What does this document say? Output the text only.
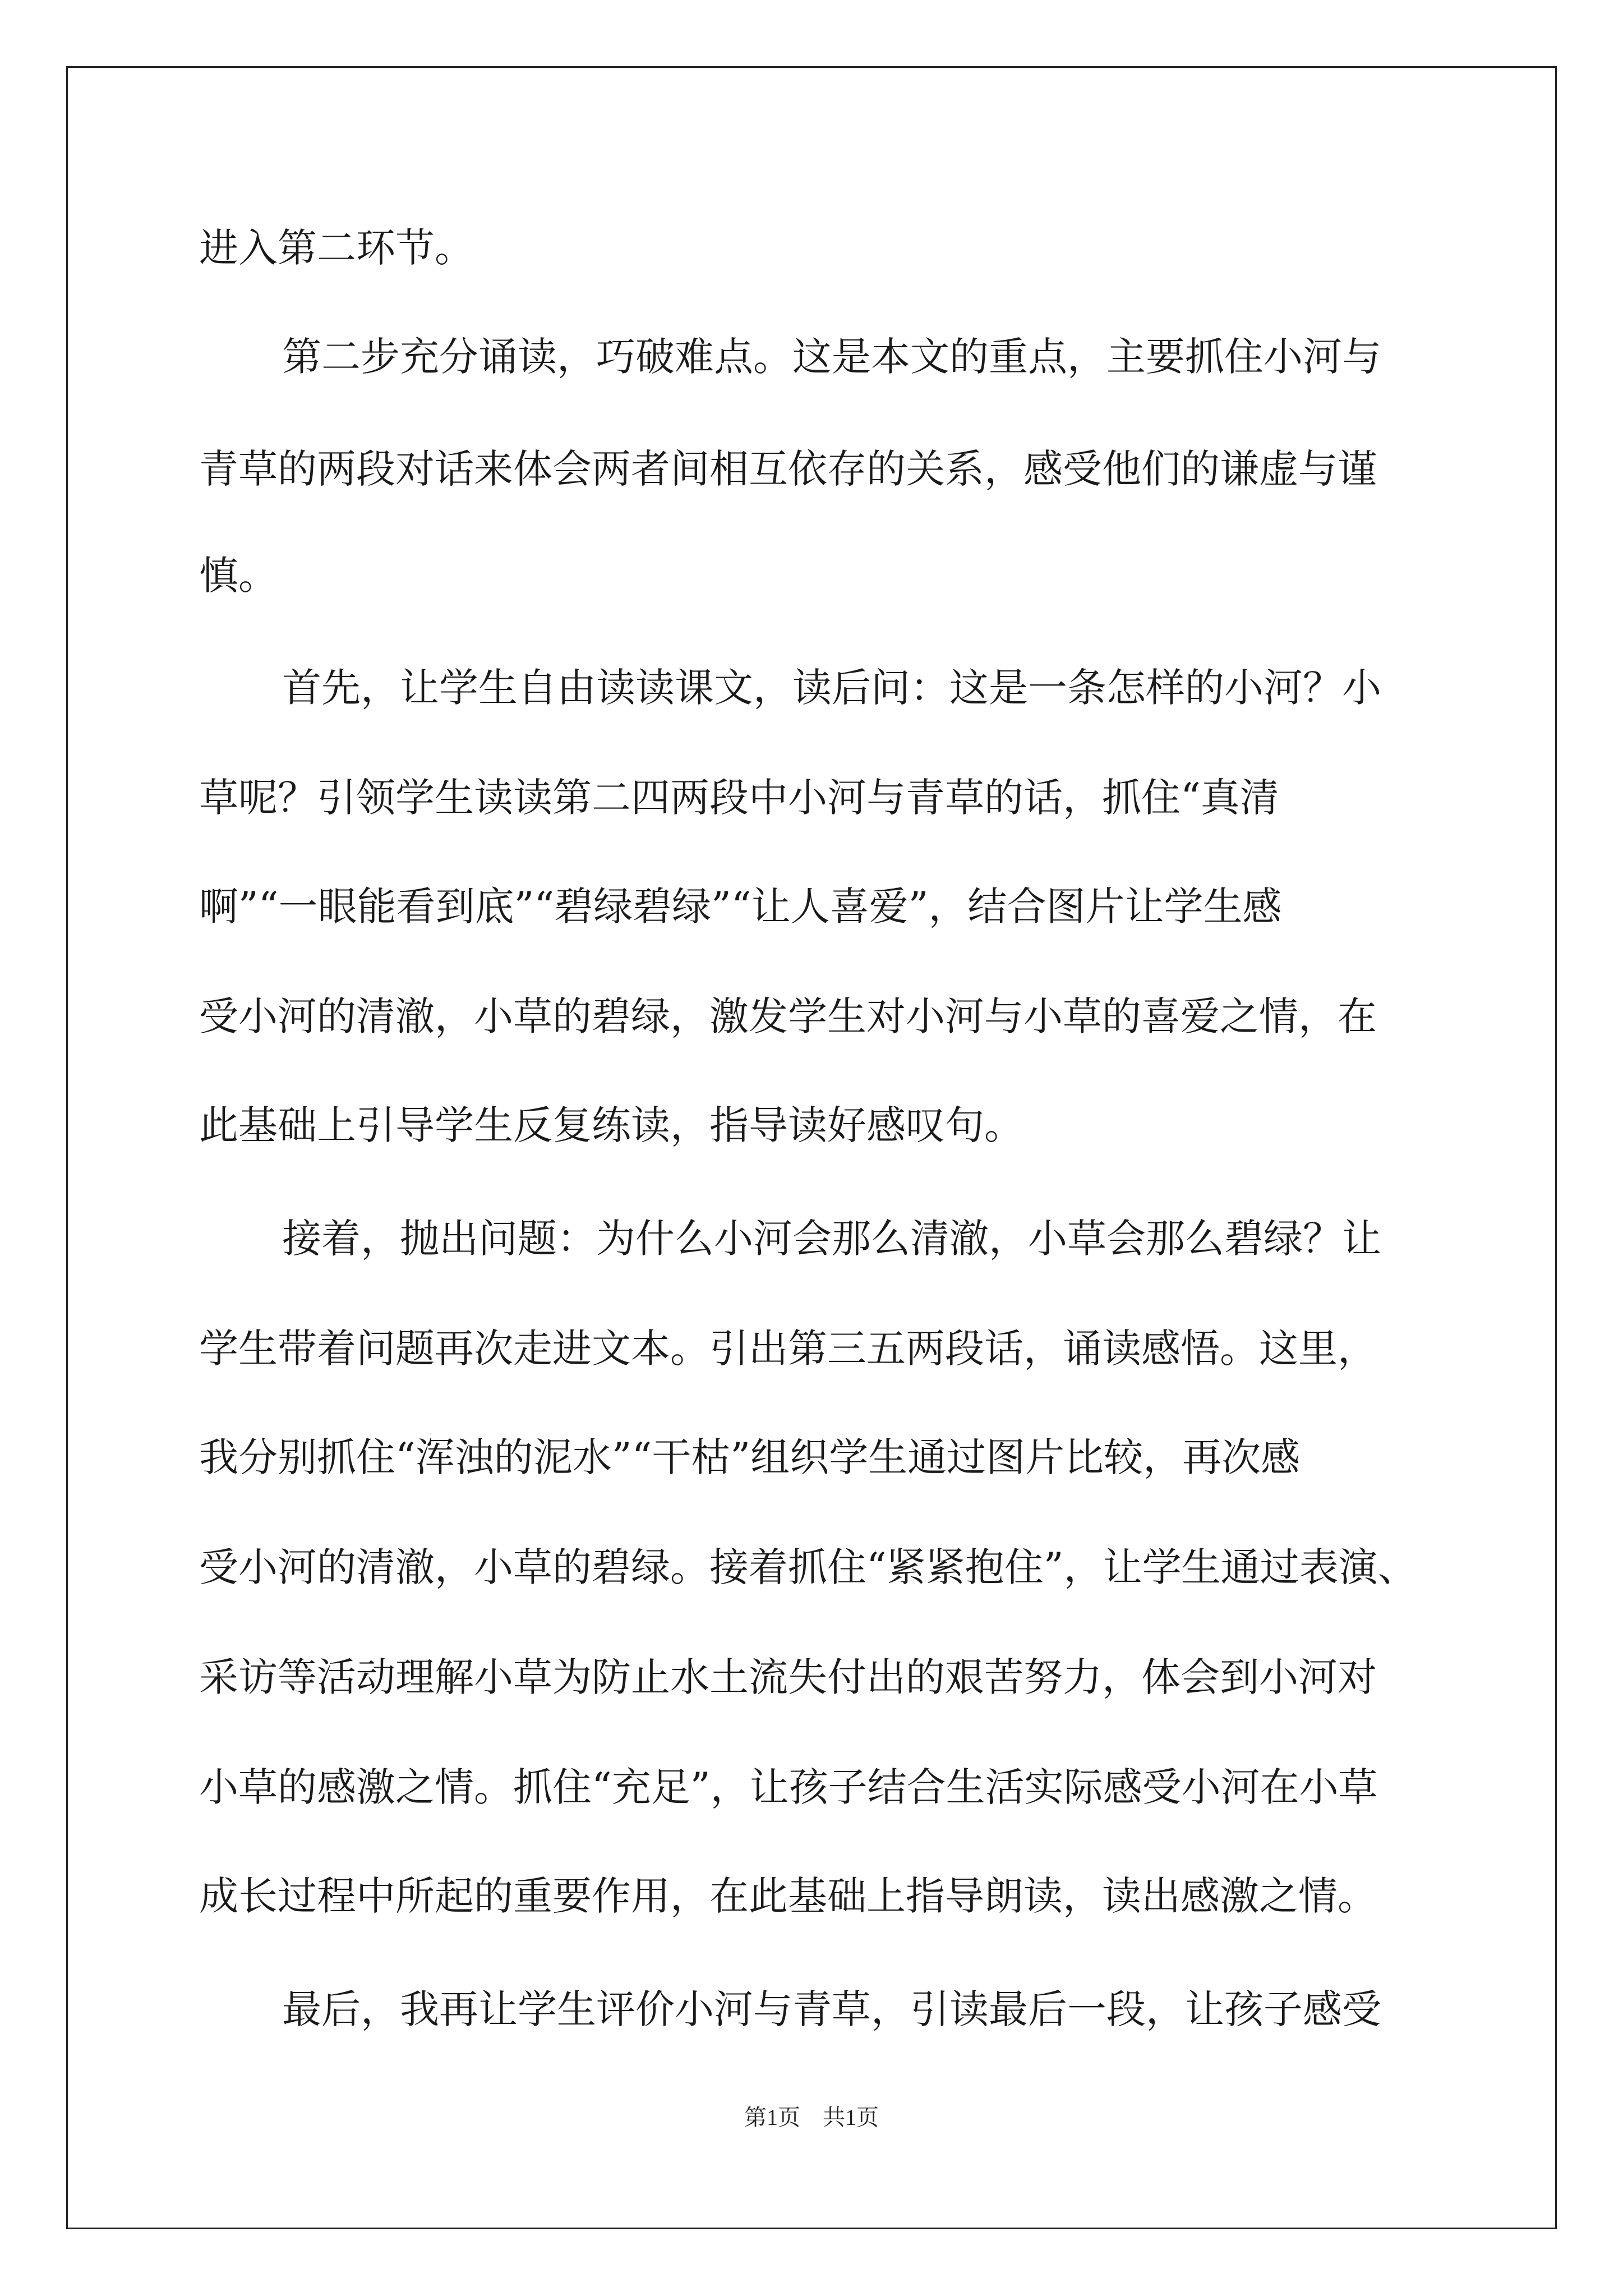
进入第二环节。
第二步充分诵读，巧破难点。这是本文的重点，主要抓住小河与
青草的两段对话来体会两者间相互依存的关系，感受他们的谦虚与谨
慎。
首先，让学生自由读读课文，读后问：这是一条怎样的小河？小
草呢？引领学生读读第二四两段中小河与青草的话，抓住“真清
啊”“一眼能看到底”“碧绿碧绿”“让人喜爱”，结合图片让学生感
受小河的清澈，小草的碧绿，激发学生对小河与小草的喜爱之情，在
此基础上引导学生反复练读，指导读好感叹句。
接着，抛出问题：为什么小河会那么清澈，小草会那么碧绿？让
学生带着问题再次走进文本。引出第三五两段话，诵读感悟。这里，
我分别抓住“浑浊的泥水”“干枯”组织学生通过图片比较，再次感
受小河的清澈，小草的碧绿。接着抓住“紧紧抱住”，让学生通过表演、
采访等活动理解小草为防止水土流失付出的艰苦努力，体会到小河对
小草的感激之情。抓住“充足”，让孩子结合生活实际感受小河在小草
成长过程中所起的重要作用，在此基础上指导朗读，读出感激之情。
最后，我再让学生评价小河与青草，引读最后一段，让孩子感受
第1页　共1页
